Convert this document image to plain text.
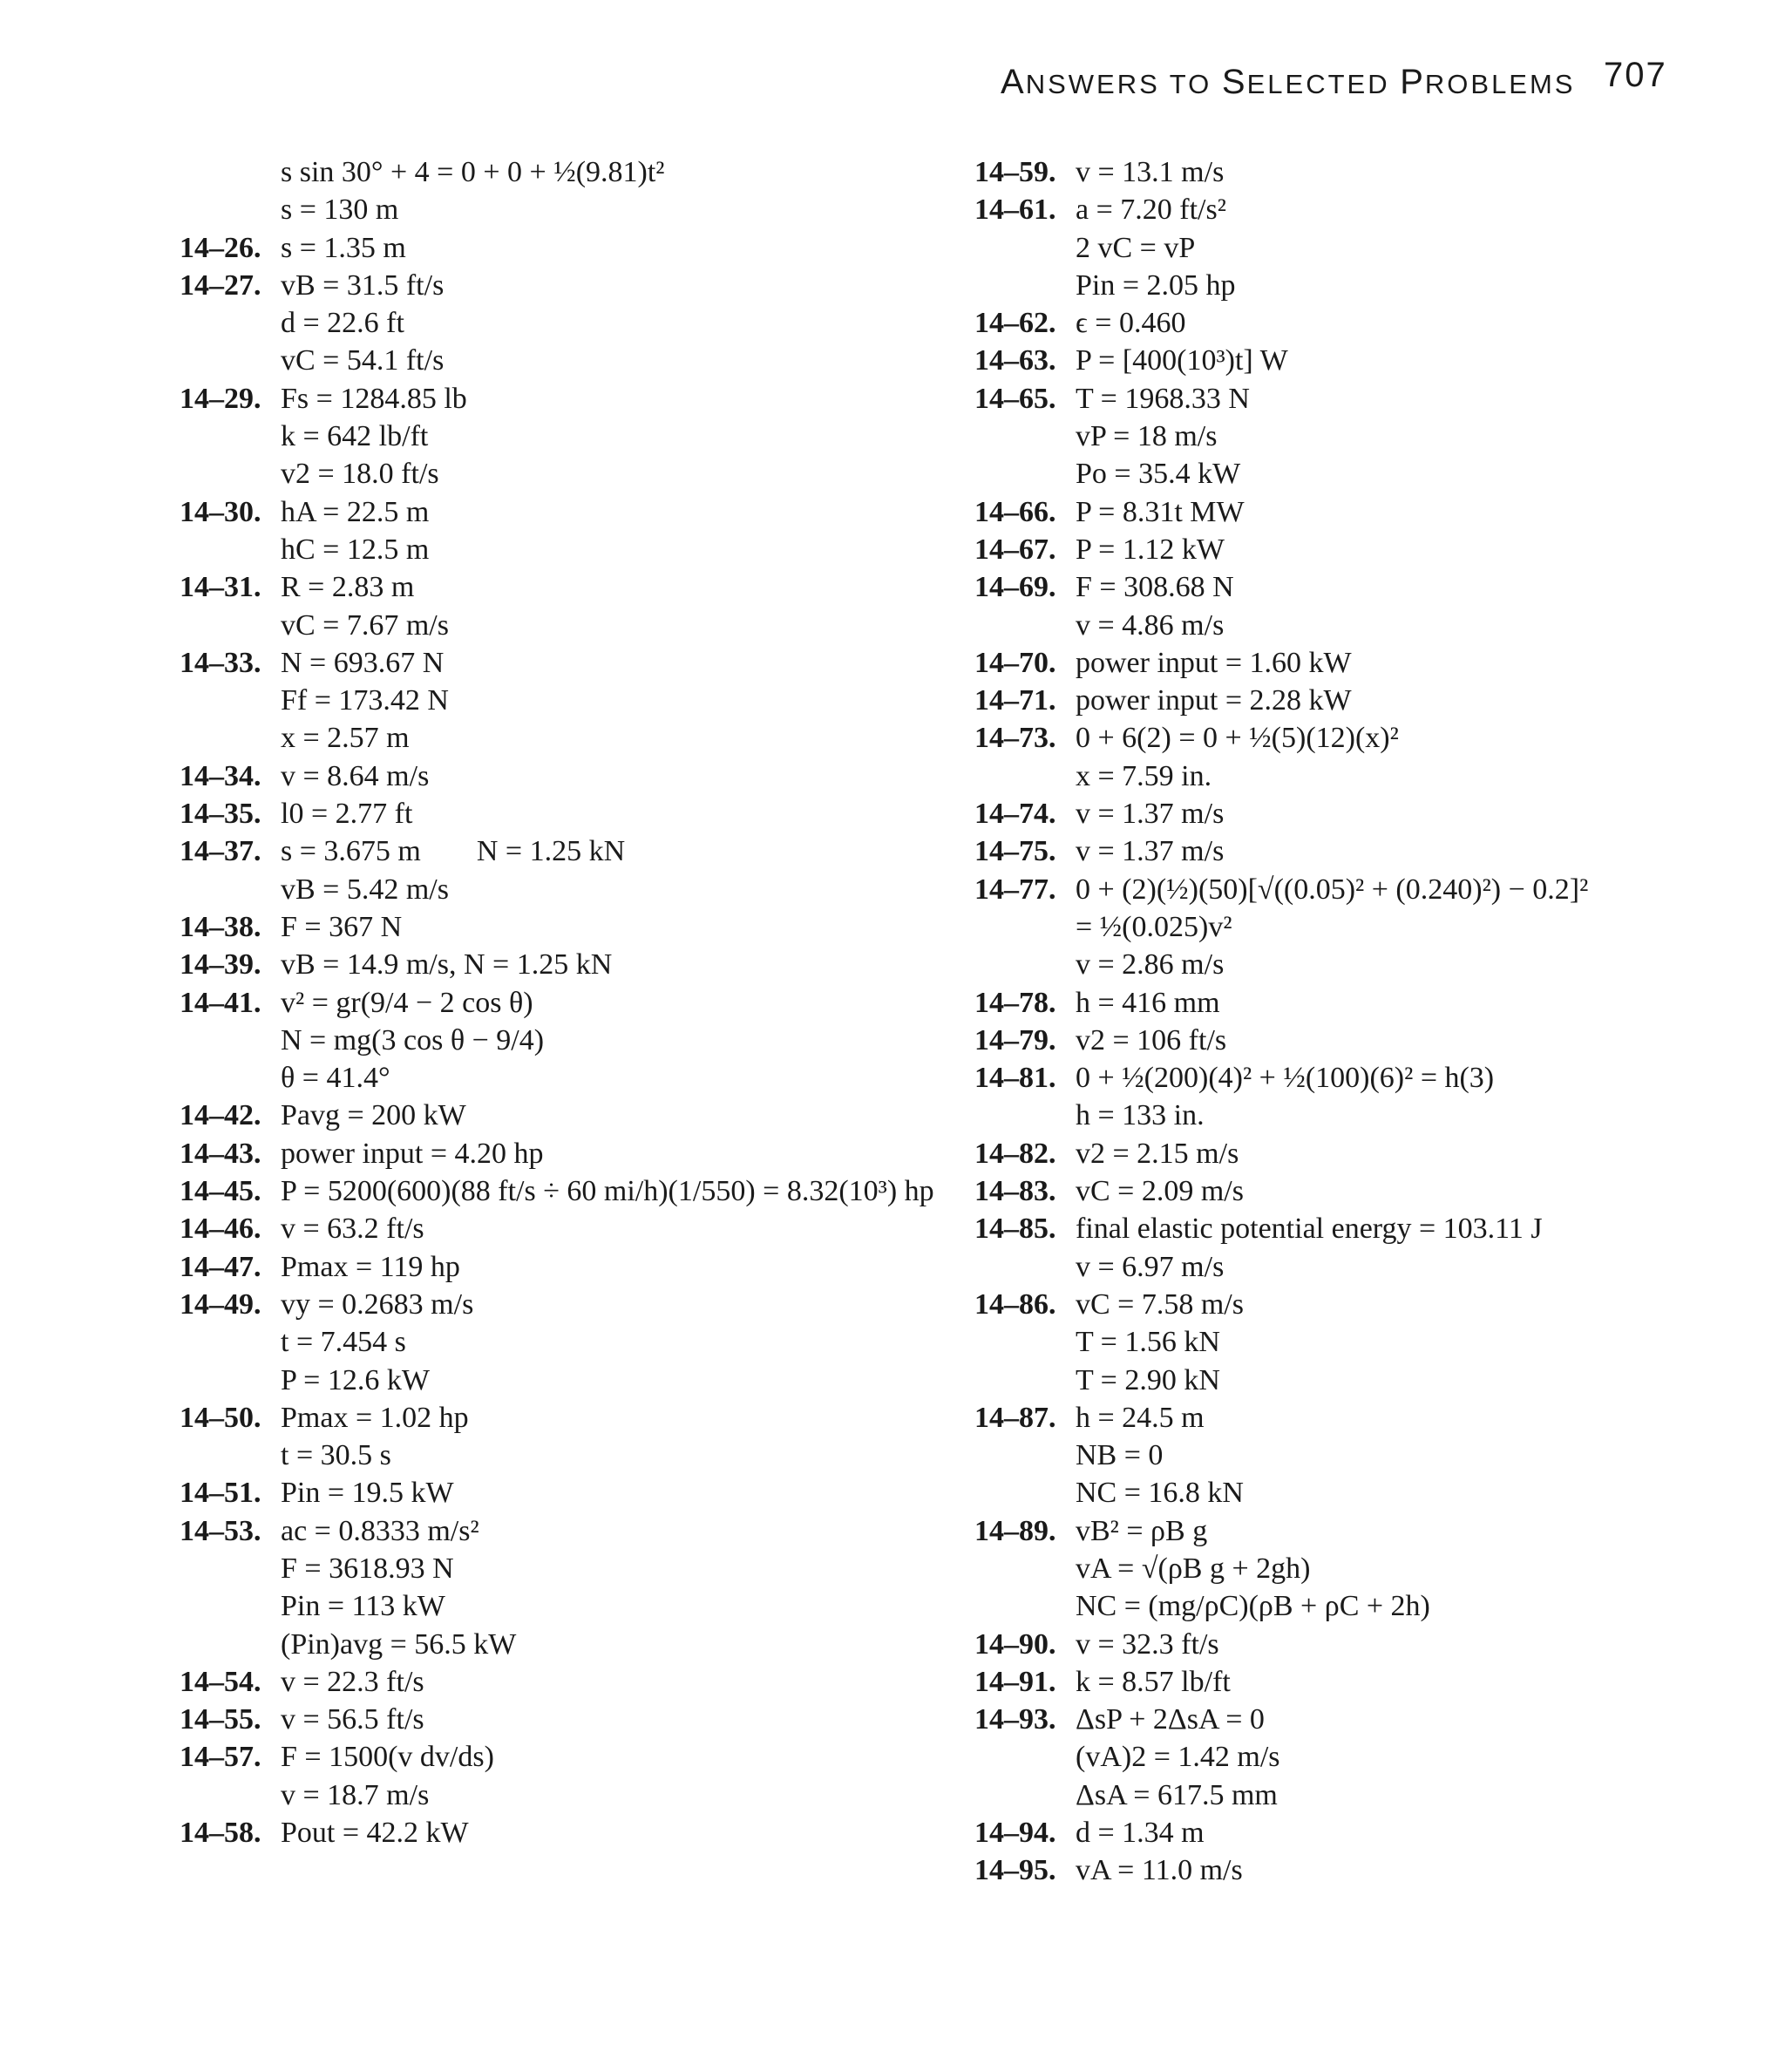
ANSWERS TO SELECTED PROBLEMS 707
s sin 30° + 4 = 0 + 0 + ½(9.81)t²
s = 130 m
14–26. s = 1.35 m
14–27. vB = 31.5 ft/s
d = 22.6 ft
vC = 54.1 ft/s
14–29. Fs = 1284.85 lb
k = 642 lb/ft
v2 = 18.0 ft/s
14–30. hA = 22.5 m
hC = 12.5 m
14–31. R = 2.83 m
vC = 7.67 m/s
14–33. N = 693.67 N
Ff = 173.42 N
x = 2.57 m
14–34. v = 8.64 m/s
14–35. l0 = 2.77 ft
14–37. s = 3.675 m N = 1.25 kN
vB = 5.42 m/s
14–38. F = 367 N
14–39. vB = 14.9 m/s, N = 1.25 kN
14–41. v² = gr(9/4 − 2 cos θ)
N = mg(3 cos θ − 9/4)
θ = 41.4°
14–42. Pavg = 200 kW
14–43. power input = 4.20 hp
14–45. P = 5200(600)(88 ft/s ÷ 60 mi/h)(1/550) = 8.32(10³) hp
14–46. v = 63.2 ft/s
14–47. Pmax = 119 hp
14–49. vy = 0.2683 m/s
t = 7.454 s
P = 12.6 kW
14–50. Pmax = 1.02 hp
t = 30.5 s
14–51. Pin = 19.5 kW
14–53. ac = 0.8333 m/s²
F = 3618.93 N
Pin = 113 kW
(Pin)avg = 56.5 kW
14–54. v = 22.3 ft/s
14–55. v = 56.5 ft/s
14–57. F = 1500(v dv/ds)
v = 18.7 m/s
14–58. Pout = 42.2 kW
14–59. v = 13.1 m/s
14–61. a = 7.20 ft/s²
2 vC = vP
Pin = 2.05 hp
14–62. ϵ = 0.460
14–63. P = [400(10³)t] W
14–65. T = 1968.33 N
vP = 18 m/s
Po = 35.4 kW
14–66. P = 8.31t MW
14–67. P = 1.12 kW
14–69. F = 308.68 N
v = 4.86 m/s
14–70. power input = 1.60 kW
14–71. power input = 2.28 kW
14–73. 0 + 6(2) = 0 + ½(5)(12)(x)²
x = 7.59 in.
14–74. v = 1.37 m/s
14–75. v = 1.37 m/s
14–77. 0 + (2)(½)(50)[√((0.05)² + (0.240)²) − 0.2]²
= ½(0.025)v²
v = 2.86 m/s
14–78. h = 416 mm
14–79. v2 = 106 ft/s
14–81. 0 + ½(200)(4)² + ½(100)(6)² = h(3)
h = 133 in.
14–82. v2 = 2.15 m/s
14–83. vC = 2.09 m/s
14–85. final elastic potential energy = 103.11 J
v = 6.97 m/s
14–86. vC = 7.58 m/s
T = 1.56 kN
T = 2.90 kN
14–87. h = 24.5 m
NB = 0
NC = 16.8 kN
14–89. vB² = ρB g
vA = √(ρB g + 2gh)
NC = (mg/ρC)(ρB + ρC + 2h)
14–90. v = 32.3 ft/s
14–91. k = 8.57 lb/ft
14–93. ΔsP + 2ΔsA = 0
(vA)2 = 1.42 m/s
ΔsA = 617.5 mm
14–94. d = 1.34 m
14–95. vA = 11.0 m/s
